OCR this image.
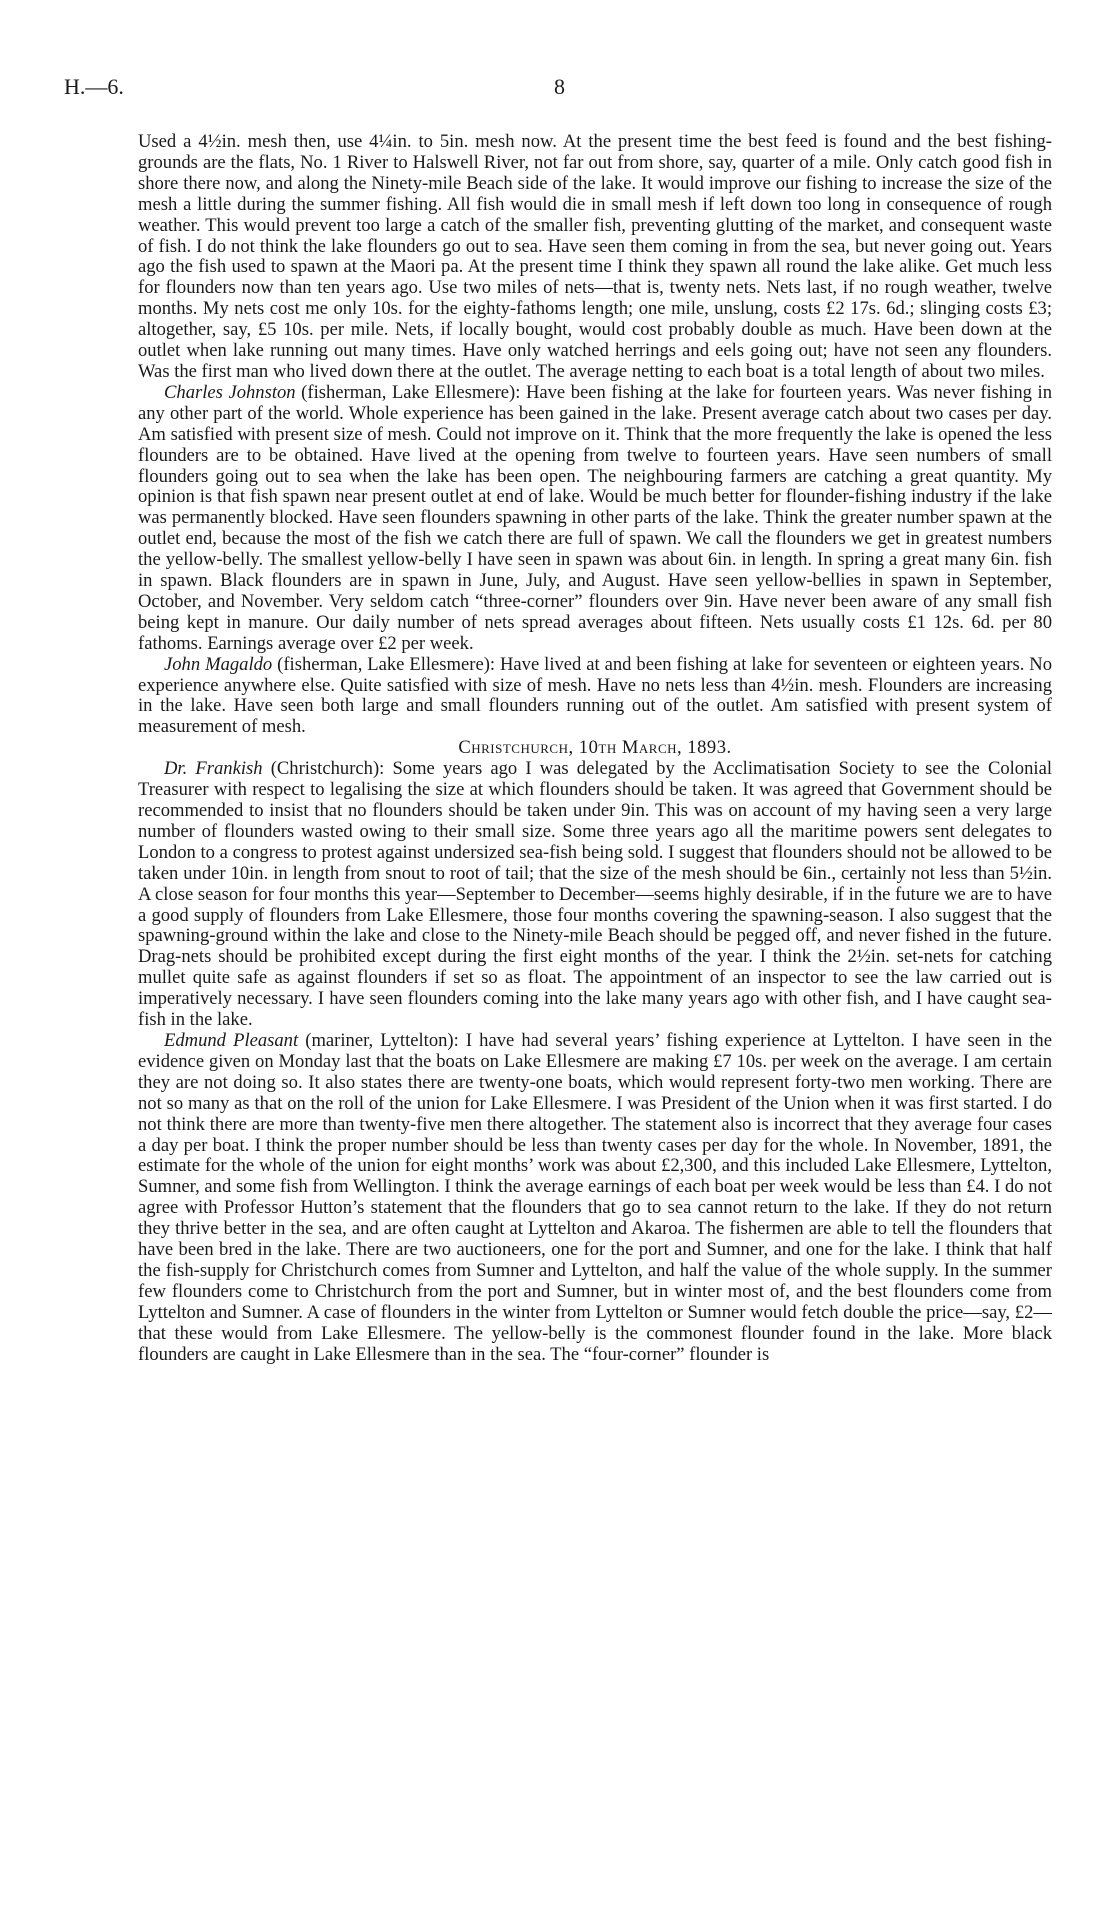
H.—6.	8

Used a 4½in. mesh then, use 4¼in. to 5in. mesh now. At the present time the best feed is found and the best fishing-grounds are the flats, No. 1 River to Halswell River, not far out from shore, say, quarter of a mile. Only catch good fish in shore there now, and along the Ninety-mile Beach side of the lake. It would improve our fishing to increase the size of the mesh a little during the summer fishing. All fish would die in small mesh if left down too long in consequence of rough weather. This would prevent too large a catch of the smaller fish, preventing glutting of the market, and consequent waste of fish. I do not think the lake flounders go out to sea. Have seen them coming in from the sea, but never going out. Years ago the fish used to spawn at the Maori pa. At the present time I think they spawn all round the lake alike. Get much less for flounders now than ten years ago. Use two miles of nets—that is, twenty nets. Nets last, if no rough weather, twelve months. My nets cost me only 10s. for the eighty-fathoms length; one mile, unslung, costs £2 17s. 6d.; slinging costs £3; altogether, say, £5 10s. per mile. Nets, if locally bought, would cost probably double as much. Have been down at the outlet when lake running out many times. Have only watched herrings and eels going out; have not seen any flounders. Was the first man who lived down there at the outlet. The average netting to each boat is a total length of about two miles.

Charles Johnston (fisherman, Lake Ellesmere): Have been fishing at the lake for fourteen years. Was never fishing in any other part of the world. Whole experience has been gained in the lake. Present average catch about two cases per day. Am satisfied with present size of mesh. Could not improve on it. Think that the more frequently the lake is opened the less flounders are to be obtained. Have lived at the opening from twelve to fourteen years. Have seen numbers of small flounders going out to sea when the lake has been open. The neighbouring farmers are catching a great quantity. My opinion is that fish spawn near present outlet at end of lake. Would be much better for flounder-fishing industry if the lake was permanently blocked. Have seen flounders spawning in other parts of the lake. Think the greater number spawn at the outlet end, because the most of the fish we catch there are full of spawn. We call the flounders we get in greatest numbers the yellow-belly. The smallest yellow-belly I have seen in spawn was about 6in. in length. In spring a great many 6in. fish in spawn. Black flounders are in spawn in June, July, and August. Have seen yellow-bellies in spawn in September, October, and November. Very seldom catch “three-corner” flounders over 9in. Have never been aware of any small fish being kept in manure. Our daily number of nets spread averages about fifteen. Nets usually costs £1 12s. 6d. per 80 fathoms. Earnings average over £2 per week.

John Magaldo (fisherman, Lake Ellesmere): Have lived at and been fishing at lake for seventeen or eighteen years. No experience anywhere else. Quite satisfied with size of mesh. Have no nets less than 4½in. mesh. Flounders are increasing in the lake. Have seen both large and small flounders running out of the outlet. Am satisfied with present system of measurement of mesh.

Christchurch, 10th March, 1893.

Dr. Frankish (Christchurch): Some years ago I was delegated by the Acclimatisation Society to see the Colonial Treasurer with respect to legalising the size at which flounders should be taken. It was agreed that Government should be recommended to insist that no flounders should be taken under 9in. This was on account of my having seen a very large number of flounders wasted owing to their small size. Some three years ago all the maritime powers sent delegates to London to a congress to protest against undersized sea-fish being sold. I suggest that flounders should not be allowed to be taken under 10in. in length from snout to root of tail; that the size of the mesh should be 6in., certainly not less than 5½in. A close season for four months this year—September to December—seems highly desirable, if in the future we are to have a good supply of flounders from Lake Ellesmere, those four months covering the spawning-season. I also suggest that the spawning-ground within the lake and close to the Ninety-mile Beach should be pegged off, and never fished in the future. Drag-nets should be prohibited except during the first eight months of the year. I think the 2½in. set-nets for catching mullet quite safe as against flounders if set so as float. The appointment of an inspector to see the law carried out is imperatively necessary. I have seen flounders coming into the lake many years ago with other fish, and I have caught sea-fish in the lake.

Edmund Pleasant (mariner, Lyttelton): I have had several years’ fishing experience at Lyttelton. I have seen in the evidence given on Monday last that the boats on Lake Ellesmere are making £7 10s. per week on the average. I am certain they are not doing so. It also states there are twenty-one boats, which would represent forty-two men working. There are not so many as that on the roll of the union for Lake Ellesmere. I was President of the Union when it was first started. I do not think there are more than twenty-five men there altogether. The statement also is incorrect that they average four cases a day per boat. I think the proper number should be less than twenty cases per day for the whole. In November, 1891, the estimate for the whole of the union for eight months’ work was about £2,300, and this included Lake Ellesmere, Lyttelton, Sumner, and some fish from Wellington. I think the average earnings of each boat per week would be less than £4. I do not agree with Professor Hutton’s statement that the flounders that go to sea cannot return to the lake. If they do not return they thrive better in the sea, and are often caught at Lyttelton and Akaroa. The fishermen are able to tell the flounders that have been bred in the lake. There are two auctioneers, one for the port and Sumner, and one for the lake. I think that half the fish-supply for Christchurch comes from Sumner and Lyttelton, and half the value of the whole supply. In the summer few flounders come to Christchurch from the port and Sumner, but in winter most of, and the best flounders come from Lyttelton and Sumner. A case of flounders in the winter from Lyttelton or Sumner would fetch double the price—say, £2—that these would from Lake Ellesmere. The yellow-belly is the commonest flounder found in the lake. More black flounders are caught in Lake Ellesmere than in the sea. The “four-corner” flounder is
